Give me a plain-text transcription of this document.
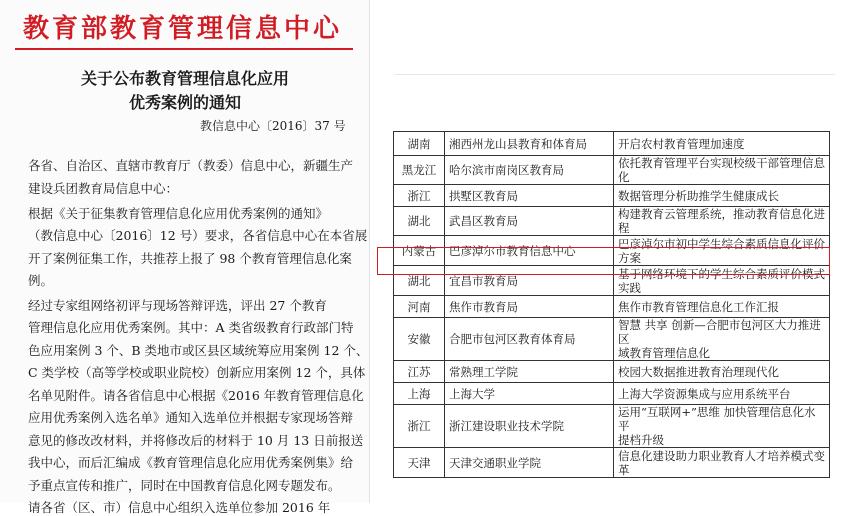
教育部教育管理信息中心
关于公布教育管理信息化应用
优秀案例的通知
教信息中心〔2016〕37 号
各省、自治区、直辖市教育厅（教委）信息中心，新疆生产
建设兵团教育局信息中心：
根据《关于征集教育管理信息化应用优秀案例的通知》
（教信息中心〔2016〕12 号）要求，各省信息中心在本省展
开了案例征集工作，共推荐上报了 98 个教育管理信息化案
例。
经过专家组网络初评与现场答辩评选，评出 27 个教育
管理信息化应用优秀案例。其中：A 类省级教育行政部门特
色应用案例 3 个、B 类地市或区县区域统筹应用案例 12 个、
C 类学校（高等学校或职业院校）创新应用案例 12 个，具体
名单见附件。请各省信息中心根据《2016 年教育管理信息化
应用优秀案例入选名单》通知入选单位并根据专家现场答辩
意见的修改改材料，并将修改后的材料于 10 月 13 日前报送
我中心，而后汇编成《教育管理信息化应用优秀案例集》给
予重点宣传和推广，同时在中国教育信息化网专题发布。
请各省（区、市）信息中心组织入选单位参加 2016 年
湖南	湘西州龙山县教育和体育局	开启农村教育管理加速度

黑龙江	哈尔滨市南岗区教育局	依托教育管理平台实现校级干部管理信息化

浙江	拱墅区教育局	数据管理分析助推学生健康成长

湖北	武昌区教育局	构建教育云管理系统，推动教育信息化进程

内蒙古	巴彦淖尔市教育信息中心	巴彦淖尔市初中学生综合素质信息化评价
方案

湖北	宜昌市教育局	基于网络环境下的学生综合素质评价模式
实践

河南	焦作市教育局	焦作市教育管理信息化工作汇报

安徽	合肥市包河区教育体育局	智慧 共享 创新—合肥市包河区大力推进区
域教育管理信息化

江苏	常熟理工学院	校园大数据推进教育治理现代化

上海	上海大学	上海大学资源集成与应用系统平台

浙江	浙江建设职业技术学院	运用“互联网+”思维 加快管理信息化水平
提档升级

天津	天津交通职业学院	信息化建设助力职业教育人才培养模式变
革
